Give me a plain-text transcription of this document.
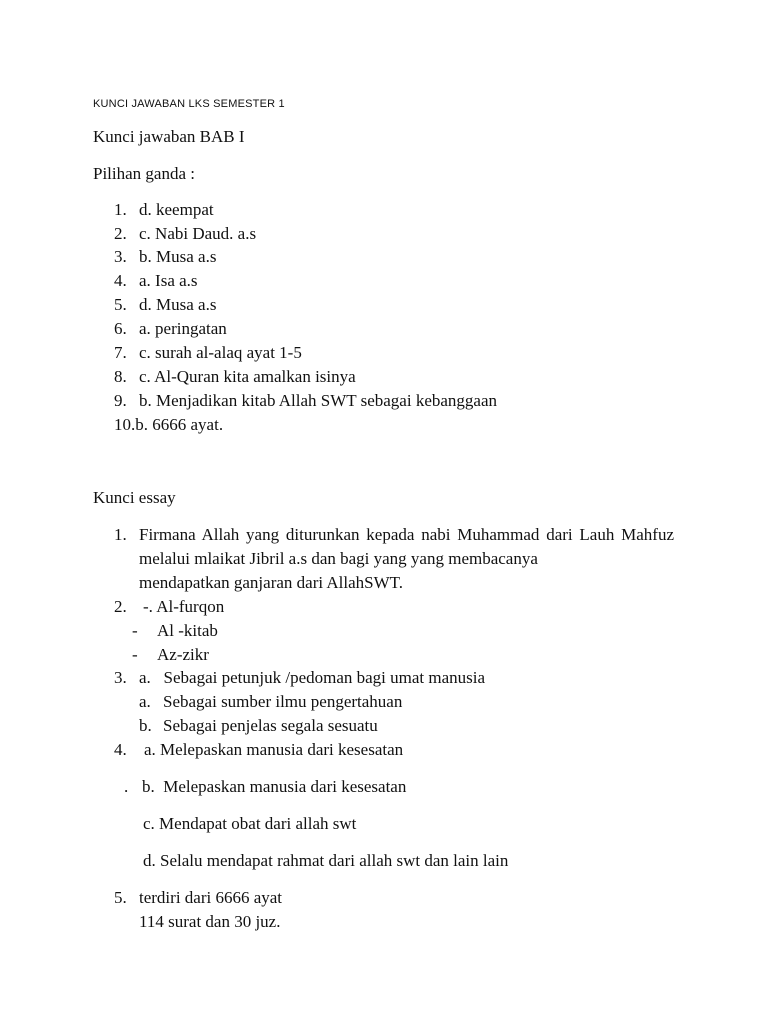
KUNCI JAWABAN LKS SEMESTER 1
Kunci jawaban BAB I
Pilihan ganda :
1. d. keempat
2. c. Nabi Daud. a.s
3. b. Musa a.s
4. a. Isa a.s
5. d. Musa a.s
6. a. peringatan
7. c. surah al-alaq ayat 1-5
8. c. Al-Quran kita amalkan isinya
9. b. Menjadikan kitab Allah SWT sebagai kebanggaan
10.b. 6666 ayat.
Kunci essay
1. Firmana Allah yang diturunkan kepada nabi Muhammad dari Lauh Mahfuz melalui mlaikat Jibril a.s dan bagi yang yang membacanya
mendapatkan ganjaran dari AllahSWT.
2. -. Al-furqon
- Al -kitab
- Az-zikr
3. a.   Sebagai petunjuk /pedoman bagi umat manusia
a. Sebagai sumber ilmu pengertahuan
b. Sebagai penjelas segala sesuatu
4. a. Melepaskan manusia dari kesesatan
. b.  Melepaskan manusia dari kesesatan
c. Mendapat obat dari allah swt
d. Selalu mendapat rahmat dari allah swt dan lain lain
5. terdiri dari 6666 ayat
114 surat dan 30 juz.
